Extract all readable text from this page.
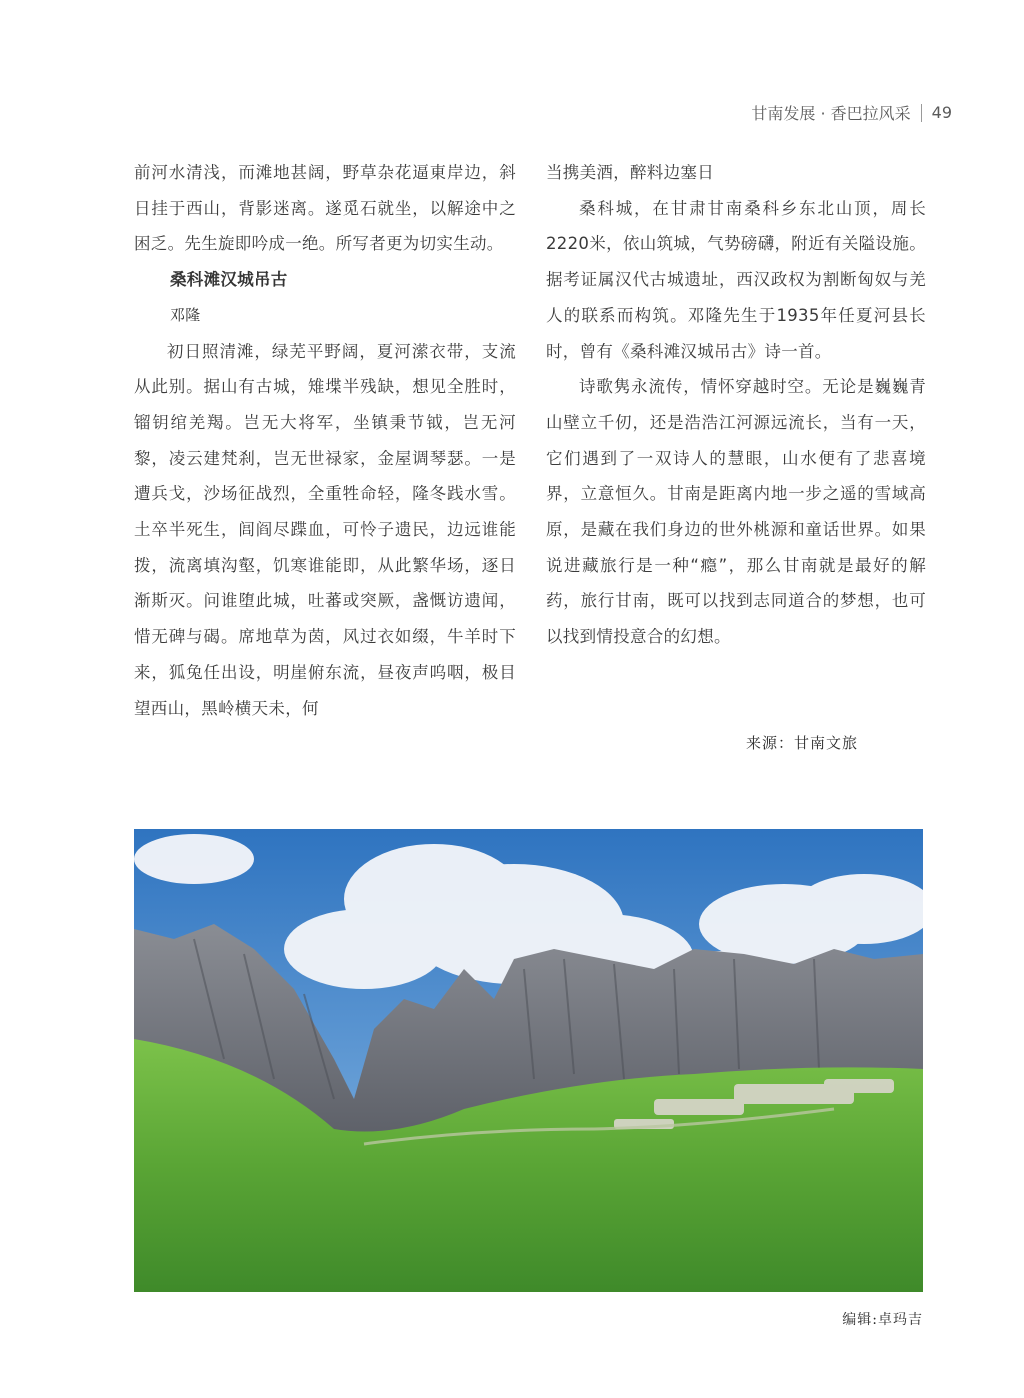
甘南发展 · 香巴拉风采 49

前河水清浅，而滩地甚阔，野草杂花逼東岸边，斜日挂于西山，背影迷离。遂觅石就坐，以解途中之困乏。先生旋即吟成一绝。所写者更为切实生动。

桑科滩汉城吊古

邓隆

初日照清滩，绿芜平野阔，夏河潆衣带，支流从此别。据山有古城，雉堞半残缺，想见全胜时，镏钥绾羌羯。岂无大将军，坐镇秉节钺，岂无河黎，凌云建梵刹，岂无世禄家，金屋调琴瑟。一是遭兵戈，沙场征战烈，全重牲命轻，隆冬践水雪。土卒半死生，闾阎尽蹀血，可怜子遗民，边远谁能拨，流离填沟壑，饥寒谁能即，从此繁华场，逐日渐斯灭。问谁堕此城，吐蕃或突厥，盏慨访遗闻，惜无碑与碣。席地草为茵，风过衣如缀，牛羊时下来，狐兔任出设，明崖俯东流，昼夜声呜咽，极目望西山，黑岭横天未，何

当携美酒，醉料边塞日

桑科城，在甘肃甘南桑科乡东北山顶，周长2220米，依山筑城，气势磅礴，附近有关隘设施。据考证属汉代古城遗址，西汉政权为割断匈奴与羌人的联系而构筑。邓隆先生于1935年任夏河县长时，曾有《桑科滩汉城吊古》诗一首。

诗歌隽永流传，情怀穿越时空。无论是巍巍青山壁立千仞，还是浩浩江河源远流长，当有一天，它们遇到了一双诗人的慧眼，山水便有了悲喜境界，立意恒久。甘南是距离内地一步之遥的雪域高原，是藏在我们身边的世外桃源和童话世界。如果说进藏旅行是一种“瘾”，那么甘南就是最好的解药，旅行甘南，既可以找到志同道合的梦想，也可以找到情投意合的幻想。

来源：甘南文旅
编辑:卓玛吉
